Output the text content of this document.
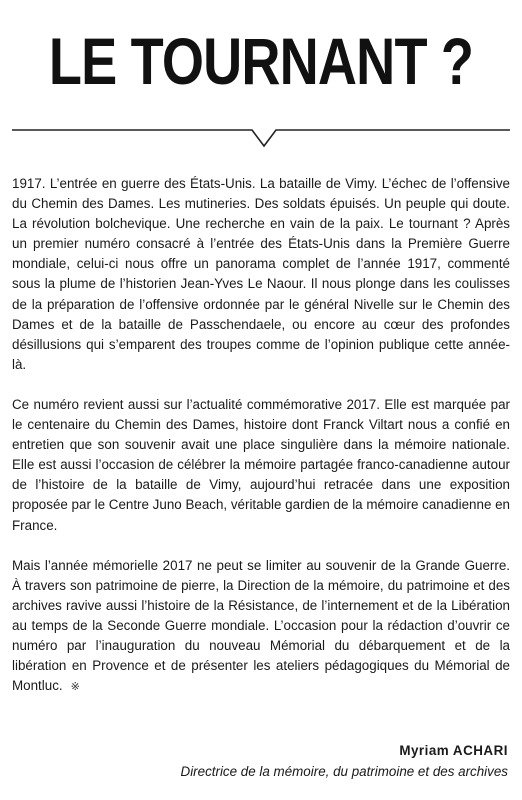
LE TOURNANT ?

1917. L’entrée en guerre des États-Unis. La bataille de Vimy. L’échec de l’offensive du Chemin des Dames. Les mutineries. Des soldats épuisés. Un peuple qui doute. La révolution bolchevique. Une recherche en vain de la paix. Le tournant ? Après un premier numéro consacré à l’entrée des États-Unis dans la Première Guerre mondiale, celui-ci nous offre un panorama complet de l’année 1917, commenté sous la plume de l’historien Jean-Yves Le Naour. Il nous plonge dans les coulisses de la préparation de l’offensive ordonnée par le général Nivelle sur le Chemin des Dames et de la bataille de Passchendaele, ou encore au cœur des profondes désillusions qui s’emparent des troupes comme de l’opinion publique cette année-là.

Ce numéro revient aussi sur l’actualité commémorative 2017. Elle est marquée par le centenaire du Chemin des Dames, histoire dont Franck Viltart nous a confié en entretien que son souvenir avait une place singulière dans la mémoire nationale. Elle est aussi l’occasion de célébrer la mémoire partagée franco-canadienne autour de l’histoire de la bataille de Vimy, aujourd’hui retracée dans une exposition proposée par le Centre Juno Beach, véritable gardien de la mémoire canadienne en France.

Mais l’année mémorielle 2017 ne peut se limiter au souvenir de la Grande Guerre. À travers son patrimoine de pierre, la Direction de la mémoire, du patrimoine et des archives ravive aussi l’histoire de la Résistance, de l’internement et de la Libération au temps de la Seconde Guerre mondiale. L’occasion pour la rédaction d’ouvrir ce numéro par l’inauguration du nouveau Mémorial du débarquement et de la libération en Provence et de présenter les ateliers pédagogiques du Mémorial de Montluc. ※

Myriam ACHARI
Directrice de la mémoire, du patrimoine et des archives
